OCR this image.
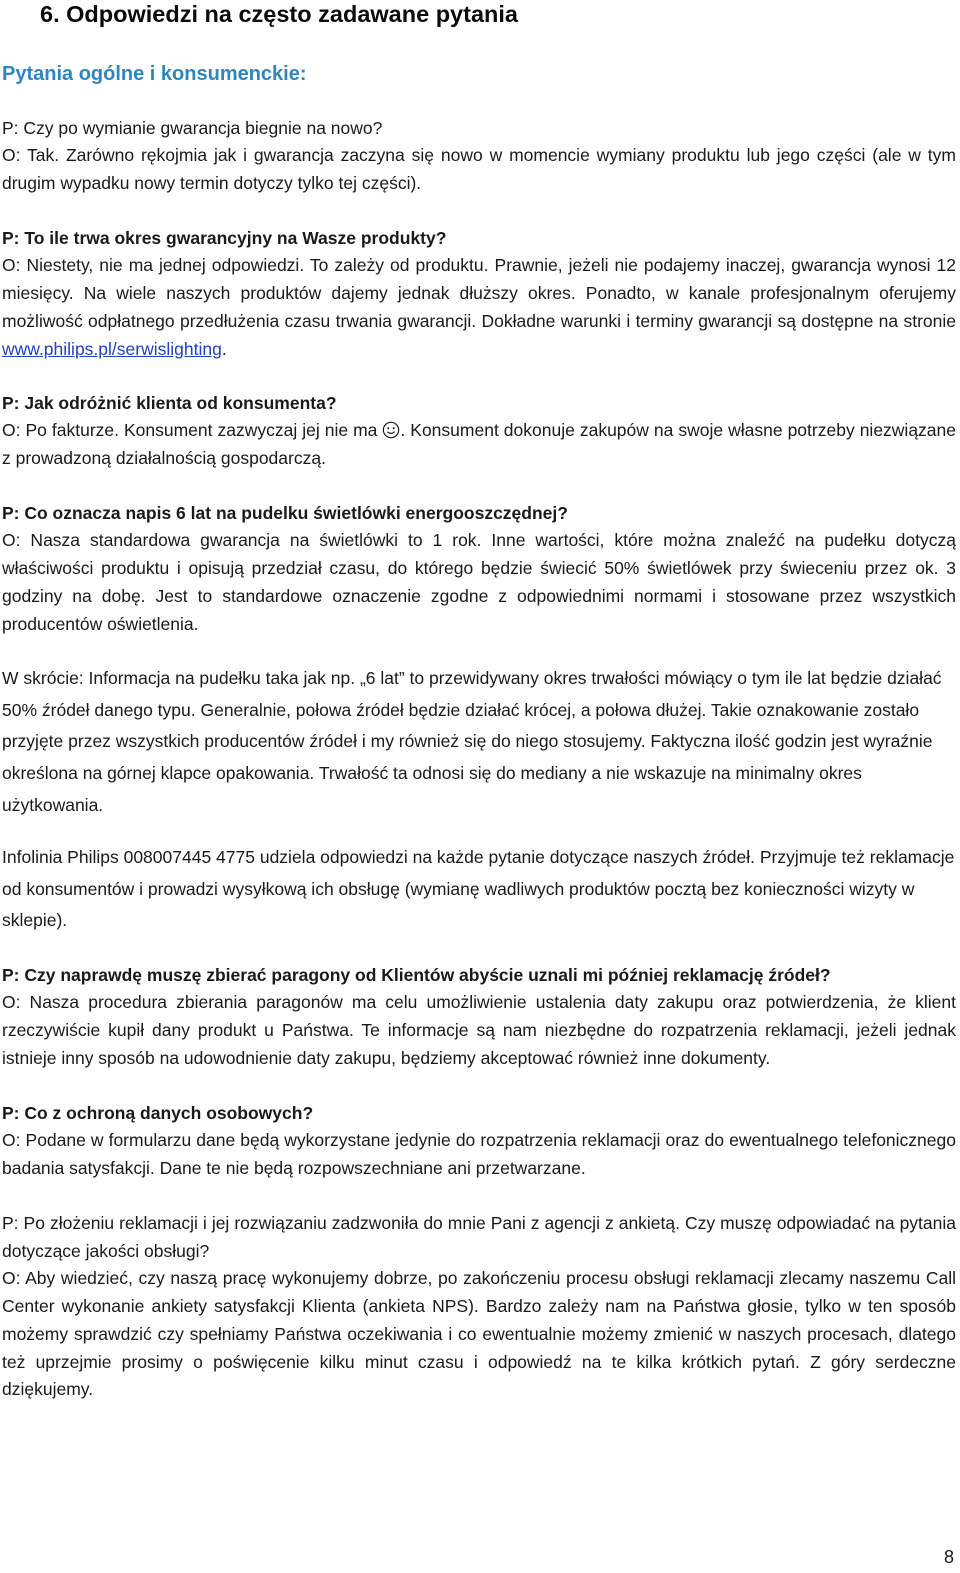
6. Odpowiedzi na często zadawane pytania
Pytania ogólne i konsumenckie:
P: Czy po wymianie gwarancja biegnie na nowo?
O: Tak. Zarówno rękojmia jak i gwarancja zaczyna się nowo w momencie wymiany produktu lub jego części (ale w tym drugim wypadku nowy termin dotyczy tylko tej części).
P: To ile trwa okres gwarancyjny na Wasze produkty?
O: Niestety, nie ma jednej odpowiedzi. To zależy od produktu. Prawnie, jeżeli nie podajemy inaczej, gwarancja wynosi 12 miesięcy. Na wiele naszych produktów dajemy jednak dłuższy okres. Ponadto, w kanale profesjonalnym oferujemy możliwość odpłatnego przedłużenia czasu trwania gwarancji. Dokładne warunki i terminy gwarancji są dostępne na stronie www.philips.pl/serwislighting.
P: Jak odróżnić klienta od konsumenta?
O: Po fakturze. Konsument zazwyczaj jej nie ma . Konsument dokonuje zakupów na swoje własne potrzeby niezwiązane z prowadzoną działalnością gospodarczą.
P: Co oznacza napis 6 lat na pudelku świetlówki energooszczędnej?
O: Nasza standardowa gwarancja na świetlówki to 1 rok. Inne wartości, które można znaleźć na pudełku dotyczą właściwości produktu i opisują przedział czasu, do którego będzie świecić 50% świetlówek przy świeceniu przez ok. 3 godziny na dobę. Jest to standardowe oznaczenie zgodne z odpowiednimi normami i stosowane przez wszystkich producentów oświetlenia.
W skrócie: Informacja na pudełku taka jak np. „6 lat” to przewidywany okres trwałości mówiący o tym ile lat będzie działać 50% źródeł danego typu. Generalnie, połowa źródeł będzie działać krócej, a połowa dłużej. Takie oznakowanie zostało przyjęte przez wszystkich producentów źródeł i my również się do niego stosujemy. Faktyczna ilość godzin jest wyraźnie określona na górnej klapce opakowania. Trwałość ta odnosi się do mediany a nie wskazuje na minimalny okres użytkowania.
Infolinia Philips 008007445 4775 udziela odpowiedzi na każde pytanie dotyczące naszych źródeł. Przyjmuje też reklamacje od konsumentów i prowadzi wysyłkową ich obsługę (wymianę wadliwych produktów pocztą bez konieczności wizyty w sklepie).
P: Czy naprawdę muszę zbierać paragony od Klientów abyście uznali mi później reklamację źródeł?
O: Nasza procedura zbierania paragonów ma celu umożliwienie ustalenia daty zakupu oraz potwierdzenia, że klient rzeczywiście kupił dany produkt u Państwa. Te informacje są nam niezbędne do rozpatrzenia reklamacji, jeżeli jednak istnieje inny sposób na udowodnienie daty zakupu, będziemy akceptować również inne dokumenty.
P: Co z ochroną danych osobowych?
O: Podane w formularzu dane będą wykorzystane jedynie do rozpatrzenia reklamacji oraz do ewentualnego telefonicznego badania satysfakcji. Dane te nie będą rozpowszechniane ani przetwarzane.
P: Po złożeniu reklamacji i jej rozwiązaniu zadzwoniła do mnie Pani z agencji z ankietą. Czy muszę odpowiadać na pytania dotyczące jakości obsługi?
O: Aby wiedzieć, czy naszą pracę wykonujemy dobrze, po zakończeniu procesu obsługi reklamacji zlecamy naszemu Call Center wykonanie ankiety satysfakcji Klienta (ankieta NPS). Bardzo zależy nam na Państwa głosie, tylko w ten sposób możemy sprawdzić czy spełniamy Państwa oczekiwania i co ewentualnie możemy zmienić w naszych procesach, dlatego też uprzejmie prosimy o poświęcenie kilku minut czasu i odpowiedź na te kilka krótkich pytań. Z góry serdeczne dziękujemy.
8
